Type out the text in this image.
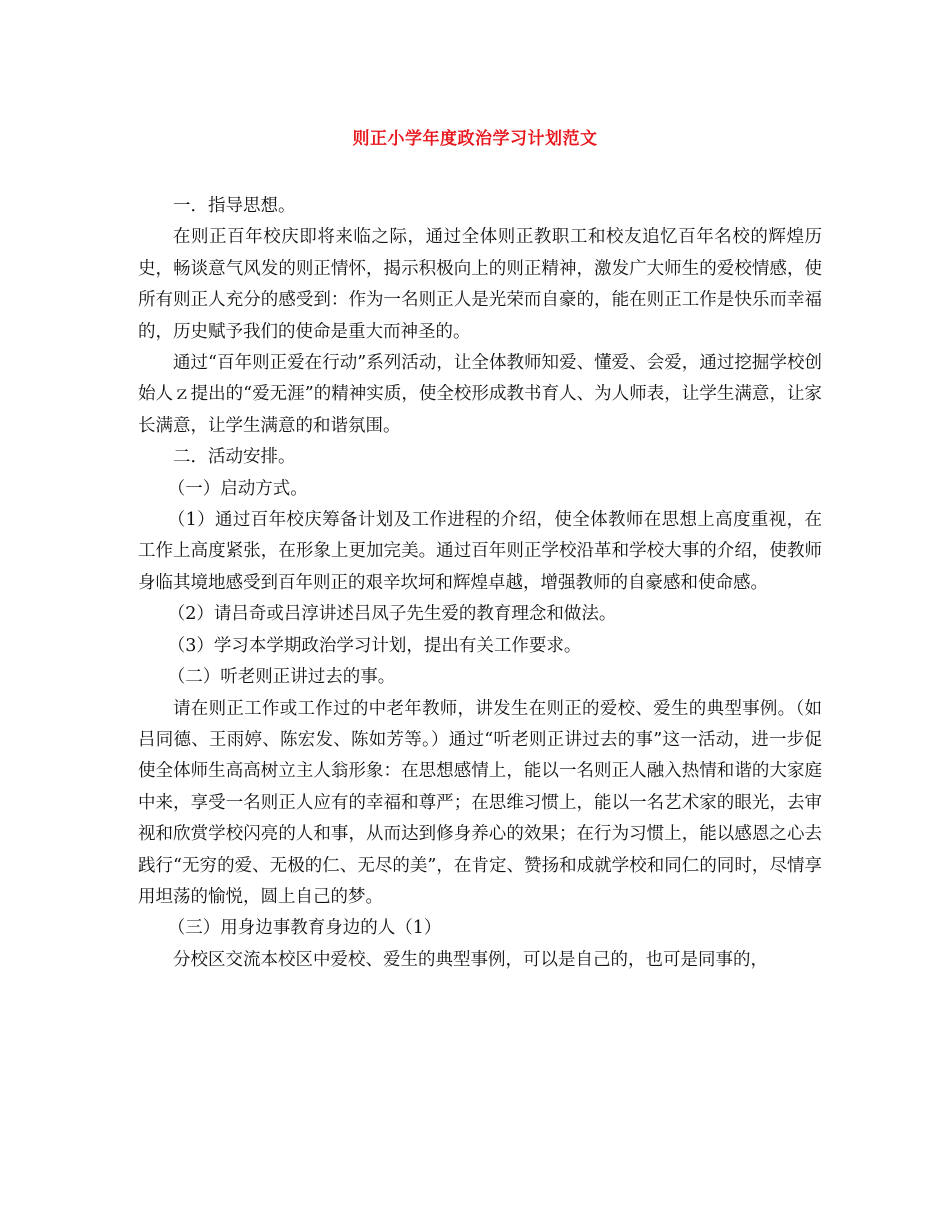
则正小学年度政治学习计划范文

一．指导思想。

在则正百年校庆即将来临之际，通过全体则正教职工和校友追忆百年名校的辉煌历史，畅谈意气风发的则正情怀，揭示积极向上的则正精神，激发广大师生的爱校情感，使所有则正人充分的感受到：作为一名则正人是光荣而自豪的，能在则正工作是快乐而幸福的，历史赋予我们的使命是重大而神圣的。

通过“百年则正爱在行动”系列活动，让全体教师知爱、懂爱、会爱，通过挖掘学校创始人ｚ提出的“爱无涯”的精神实质，使全校形成教书育人、为人师表，让学生满意，让家长满意，让学生满意的和谐氛围。

二．活动安排。

（一）启动方式。

（1）通过百年校庆筹备计划及工作进程的介绍，使全体教师在思想上高度重视，在工作上高度紧张，在形象上更加完美。通过百年则正学校沿革和学校大事的介绍，使教师身临其境地感受到百年则正的艰辛坎坷和辉煌卓越，增强教师的自豪感和使命感。

（2）请吕奇或吕淳讲述吕凤子先生爱的教育理念和做法。

（3）学习本学期政治学习计划，提出有关工作要求。

（二）听老则正讲过去的事。

请在则正工作或工作过的中老年教师，讲发生在则正的爱校、爱生的典型事例。（如吕同德、王雨婷、陈宏发、陈如芳等。）通过“听老则正讲过去的事”这一活动，进一步促使全体师生高高树立主人翁形象：在思想感情上，能以一名则正人融入热情和谐的大家庭中来，享受一名则正人应有的幸福和尊严；在思维习惯上，能以一名艺术家的眼光，去审视和欣赏学校闪亮的人和事，从而达到修身养心的效果；在行为习惯上，能以感恩之心去践行“无穷的爱、无极的仁、无尽的美”，在肯定、赞扬和成就学校和同仁的同时，尽情享用坦荡的愉悦，圆上自己的梦。

（三）用身边事教育身边的人（1）

分校区交流本校区中爱校、爱生的典型事例，可以是自己的，也可是同事的，
